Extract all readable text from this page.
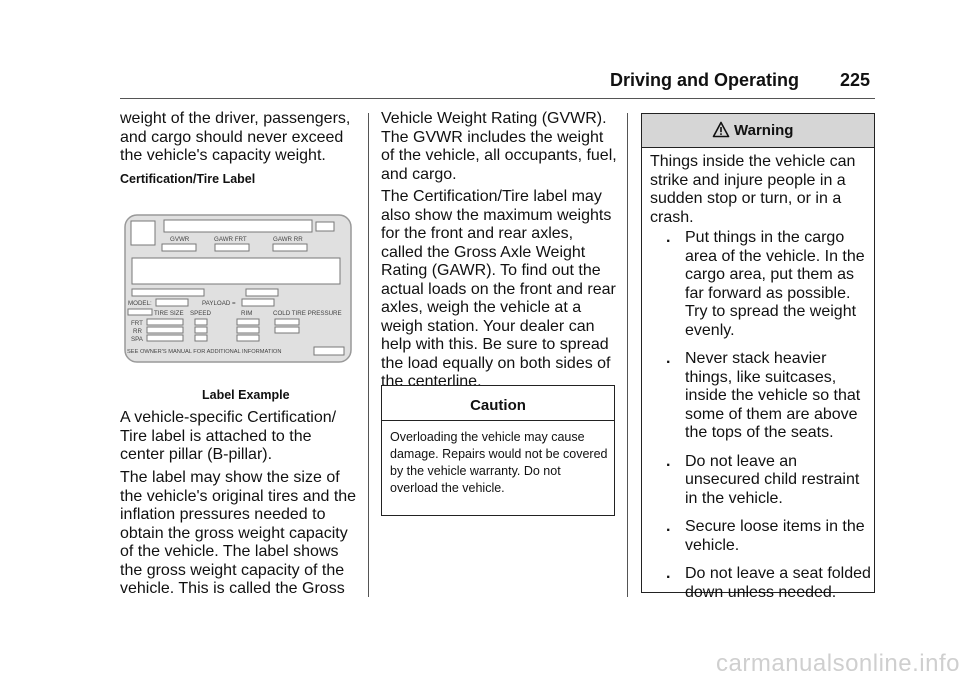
Driving and Operating 225

weight of the driver, passengers, and cargo should never exceed the vehicle's capacity weight.

Certification/Tire Label
GVWR	GAWR FRT	GAWR RR
MODEL:	PAYLOAD =
TIRE SIZE SPEED	RIM	COLD TIRE PRESSURE
FRT RR SPA
SEE OWNER'S MANUAL FOR ADDITIONAL INFORMATION
Label Example

A vehicle-specific Certification/ Tire label is attached to the center pillar (B-pillar).

The label may show the size of the vehicle's original tires and the inflation pressures needed to obtain the gross weight capacity of the vehicle. The label shows the gross weight capacity of the vehicle. This is called the Gross

Vehicle Weight Rating (GVWR). The GVWR includes the weight of the vehicle, all occupants, fuel, and cargo.

The Certification/Tire label may also show the maximum weights for the front and rear axles, called the Gross Axle Weight Rating (GAWR). To find out the actual loads on the front and rear axles, weigh the vehicle at a weigh station. Your dealer can help with this. Be sure to spread the load equally on both sides of the centerline.

Caution
Overloading the vehicle may cause damage. Repairs would not be covered by the vehicle warranty. Do not overload the vehicle.
Warning

Things inside the vehicle can strike and injure people in a sudden stop or turn, or in a crash.

. Put things in the cargo area of the vehicle. In the cargo area, put them as far forward as possible. Try to spread the weight evenly.
. Never stack heavier things, like suitcases, inside the vehicle so that some of them are above the tops of the seats.
. Do not leave an unsecured child restraint in the vehicle.
. Secure loose items in the vehicle.
. Do not leave a seat folded down unless needed.
carmanualsonline.info
